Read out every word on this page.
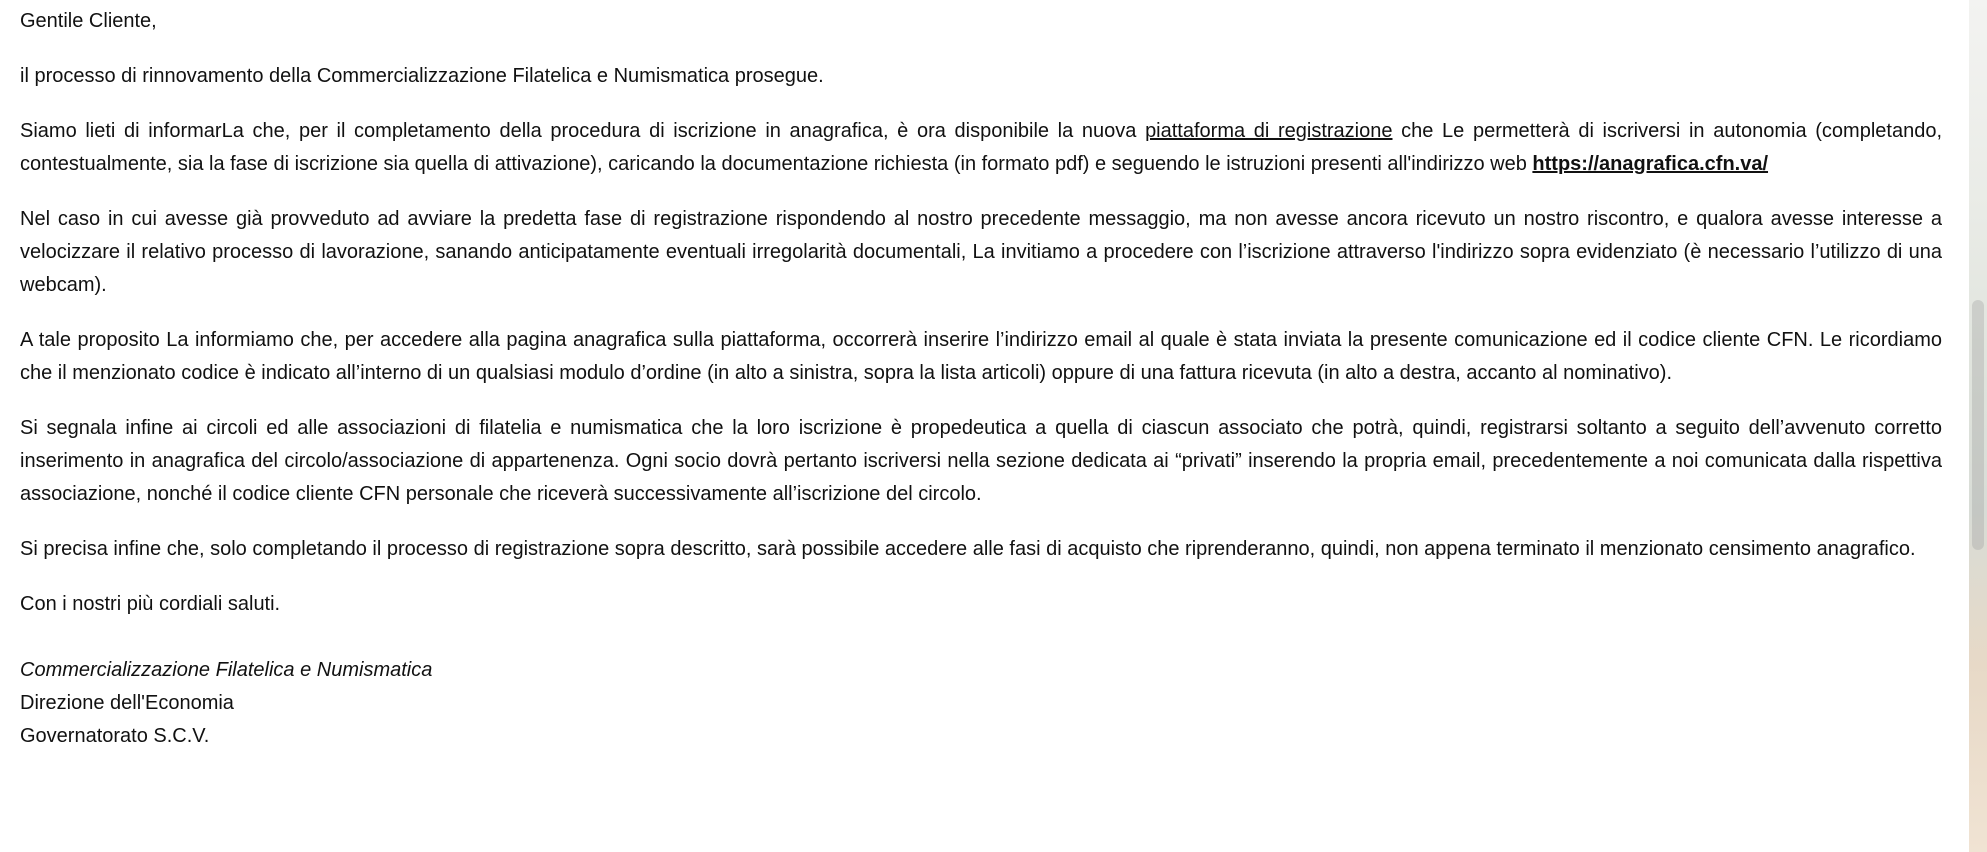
Gentile Cliente,

il processo di rinnovamento della Commercializzazione Filatelica e Numismatica prosegue.

Siamo lieti di informarLa che, per il completamento della procedura di iscrizione in anagrafica, è ora disponibile la nuova piattaforma di registrazione che Le permetterà di iscriversi in autonomia (completando, contestualmente, sia la fase di iscrizione sia quella di attivazione), caricando la documentazione richiesta (in formato pdf) e seguendo le istruzioni presenti all'indirizzo web https://anagrafica.cfn.va/

Nel caso in cui avesse già provveduto ad avviare la predetta fase di registrazione rispondendo al nostro precedente messaggio, ma non avesse ancora ricevuto un nostro riscontro, e qualora avesse interesse a velocizzare il relativo processo di lavorazione, sanando anticipatamente eventuali irregolarità documentali, La invitiamo a procedere con l’iscrizione attraverso l'indirizzo sopra evidenziato (è necessario l’utilizzo di una webcam).

A tale proposito La informiamo che, per accedere alla pagina anagrafica sulla piattaforma, occorrerà inserire l’indirizzo email al quale è stata inviata la presente comunicazione ed il codice cliente CFN. Le ricordiamo che il menzionato codice è indicato all’interno di un qualsiasi modulo d’ordine (in alto a sinistra, sopra la lista articoli) oppure di una fattura ricevuta (in alto a destra, accanto al nominativo).

Si segnala infine ai circoli ed alle associazioni di filatelia e numismatica che la loro iscrizione è propedeutica a quella di ciascun associato che potrà, quindi, registrarsi soltanto a seguito dell’avvenuto corretto inserimento in anagrafica del circolo/associazione di appartenenza. Ogni socio dovrà pertanto iscriversi nella sezione dedicata ai “privati” inserendo la propria email, precedentemente a noi comunicata dalla rispettiva associazione, nonché il codice cliente CFN personale che riceverà successivamente all’iscrizione del circolo.

Si precisa infine che, solo completando il processo di registrazione sopra descritto, sarà possibile accedere alle fasi di acquisto che riprenderanno, quindi, non appena terminato il menzionato censimento anagrafico.

Con i nostri più cordiali saluti.

Commercializzazione Filatelica e Numismatica
Direzione dell'Economia
Governatorato S.C.V.
